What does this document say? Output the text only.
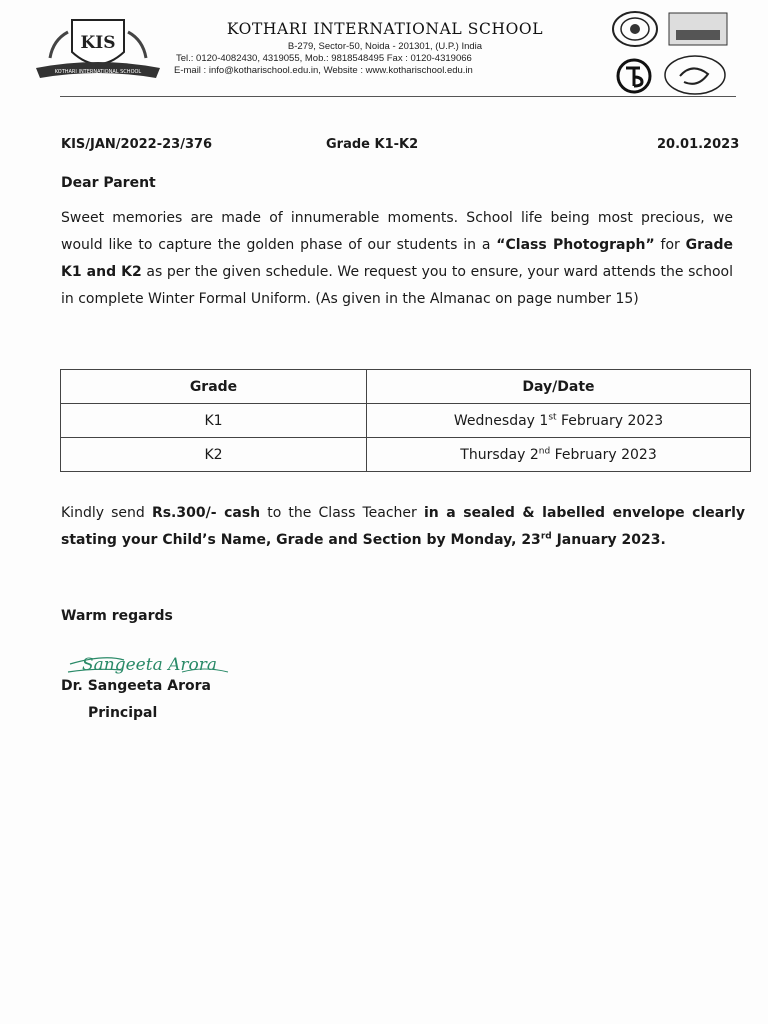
KIS
KOTHARI INTERNATIONAL SCHOOL
KOTHARI INTERNATIONAL SCHOOL
B-279, Sector-50, Noida - 201301, (U.P.) India
Tel.: 0120-4082430, 4319055, Mob.: 9818548495 Fax : 0120-4319066
E-mail : info@kotharischool.edu.in, Website : www.kotharischool.edu.in
KIS/JAN/2022-23/376	Grade K1-K2	20.01.2023
Dear Parent
Sweet memories are made of innumerable moments. School life being most precious, we would like to capture the golden phase of our students in a “Class Photograph” for Grade K1 and K2 as per the given schedule. We request you to ensure, your ward attends the school in complete Winter Formal Uniform. (As given in the Almanac on page number 15)
Grade	Day/Date
K1	Wednesday 1st February 2023
K2	Thursday 2nd February 2023
Kindly send Rs.300/- cash to the Class Teacher in a sealed & labelled envelope clearly stating your Child’s Name, Grade and Section by Monday, 23rd January 2023.
Warm regards
Sangeeta Arora
Dr. Sangeeta Arora
Principal
